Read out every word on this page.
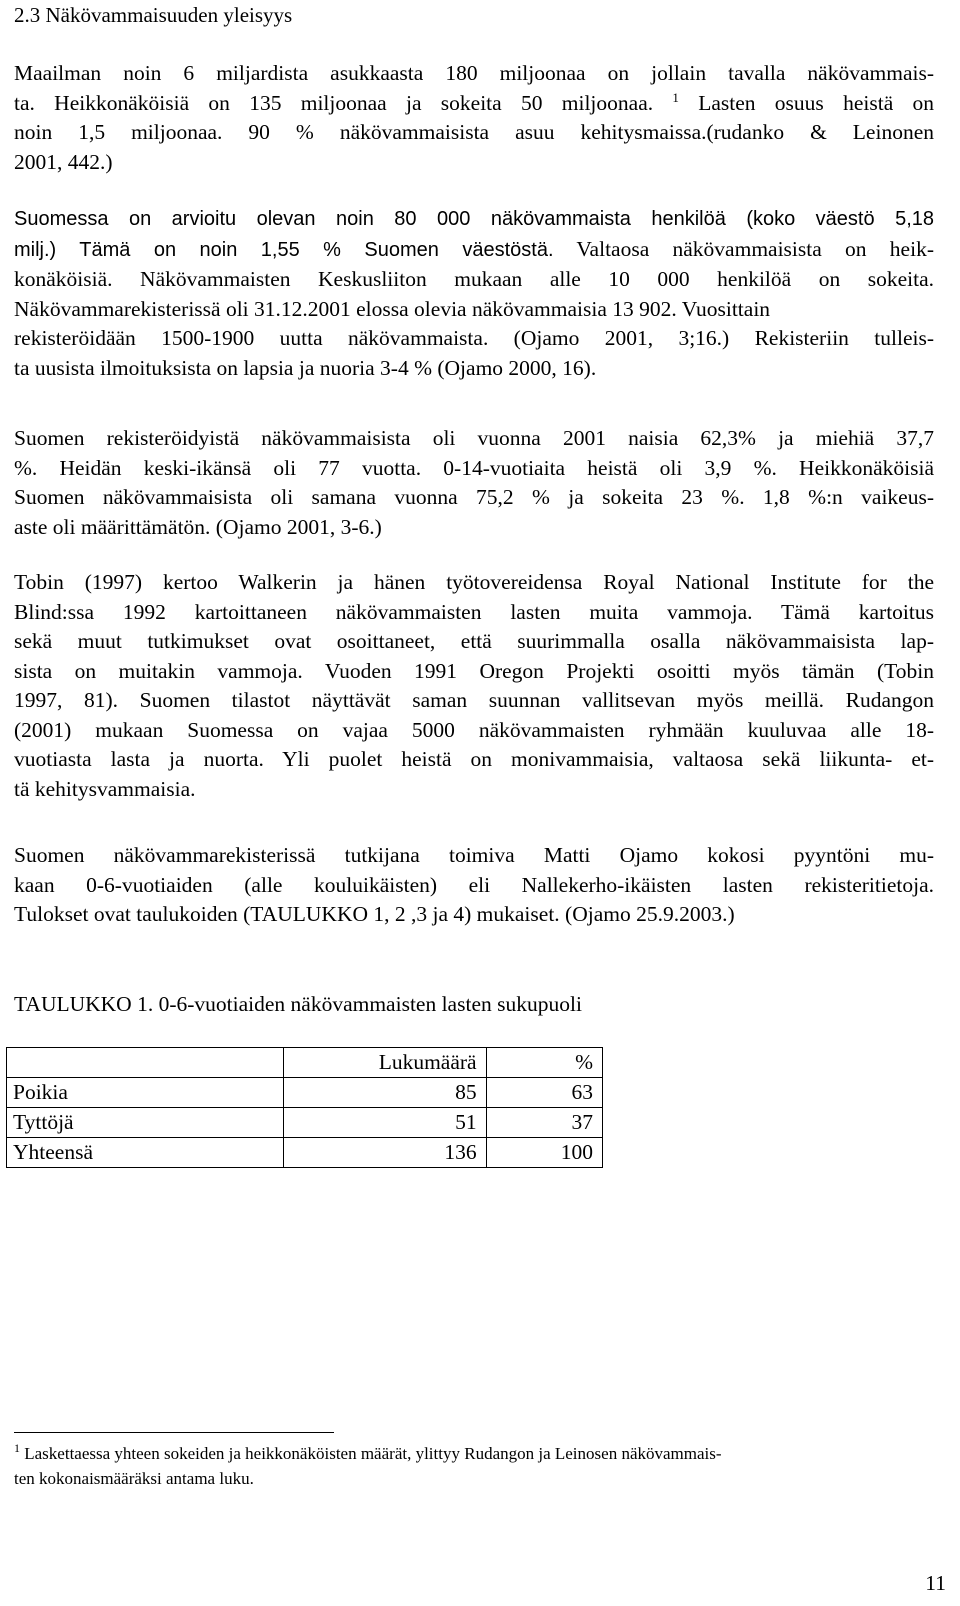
2.3 Näkövammaisuuden yleisyys
Maailman noin 6 miljardista asukkaasta 180 miljoonaa on jollain tavalla näkövammais-
ta. Heikkonäköisiä on 135 miljoonaa ja sokeita 50 miljoonaa. $^1$ Lasten osuus heistä on
noin 1,5 miljoonaa. 90 % näkövammaisista asuu kehitysmaissa.(rudanko & Leinonen
2001, 442.)
Suomessa on arvioitu olevan noin 80 000 näkövammaista henkilöä (koko väestö 5,18
milj.) Tämä on noin 1,55 % Suomen väestöstä. Valtaosa näkövammaisista on heik-
konäköisiä. Näkövammaisten Keskusliiton mukaan alle 10 000 henkilöä on sokeita.
Näkövammarekisterissä oli 31.12.2001 elossa olevia näkövammaisia 13 902. Vuosittain
rekisteröidään 1500-1900 uutta näkövammaista. (Ojamo 2001, 3;16.) Rekisteriin tulleis-
ta uusista ilmoituksista on lapsia ja nuoria 3-4 % (Ojamo 2000, 16).
Suomen rekisteröidyistä näkövammaisista oli vuonna 2001 naisia 62,3% ja miehiä 37,7
%. Heidän keski-ikänsä oli 77 vuotta. 0-14-vuotiaita heistä oli 3,9 %. Heikkonäköisiä
Suomen näkövammaisista oli samana vuonna 75,2 % ja sokeita 23 %. 1,8 %:n vaikeus-
aste oli määrittämätön. (Ojamo 2001, 3-6.)
Tobin (1997) kertoo Walkerin ja hänen työtovereidensa Royal National Institute for the
Blind:ssa 1992 kartoittaneen näkövammaisten lasten muita vammoja. Tämä kartoitus
sekä muut tutkimukset ovat osoittaneet, että suurimmalla osalla näkövammaisista lap-
sista on muitakin vammoja. Vuoden 1991 Oregon Projekti osoitti myös tämän (Tobin
1997, 81). Suomen tilastot näyttävät saman suunnan vallitsevan myös meillä. Rudangon
(2001) mukaan Suomessa on vajaa 5000 näkövammaisten ryhmään kuuluvaa alle 18-
vuotiasta lasta ja nuorta. Yli puolet heistä on monivammaisia, valtaosa sekä liikunta- et-
tä kehitysvammaisia.
Suomen näkövammarekisterissä tutkijana toimiva Matti Ojamo kokosi pyyntöni mu-
kaan 0-6-vuotiaiden (alle kouluikäisten) eli Nallekerho-ikäisten lasten rekisteritietoja.
Tulokset ovat taulukoiden (TAULUKKO 1, 2 ,3 ja 4) mukaiset. (Ojamo 25.9.2003.)
TAULUKKO 1. 0-6-vuotiaiden näkövammaisten lasten sukupuoli
	Lukumäärä	%
Poikia	85	63
Tyttöjä	51	37
Yhteensä	136	100
$^1$ Laskettaessa yhteen sokeiden ja heikkonäköisten määrät, ylittyy Rudangon ja Leinosen näkövammais-
ten kokonaismääräksi antama luku.
11
